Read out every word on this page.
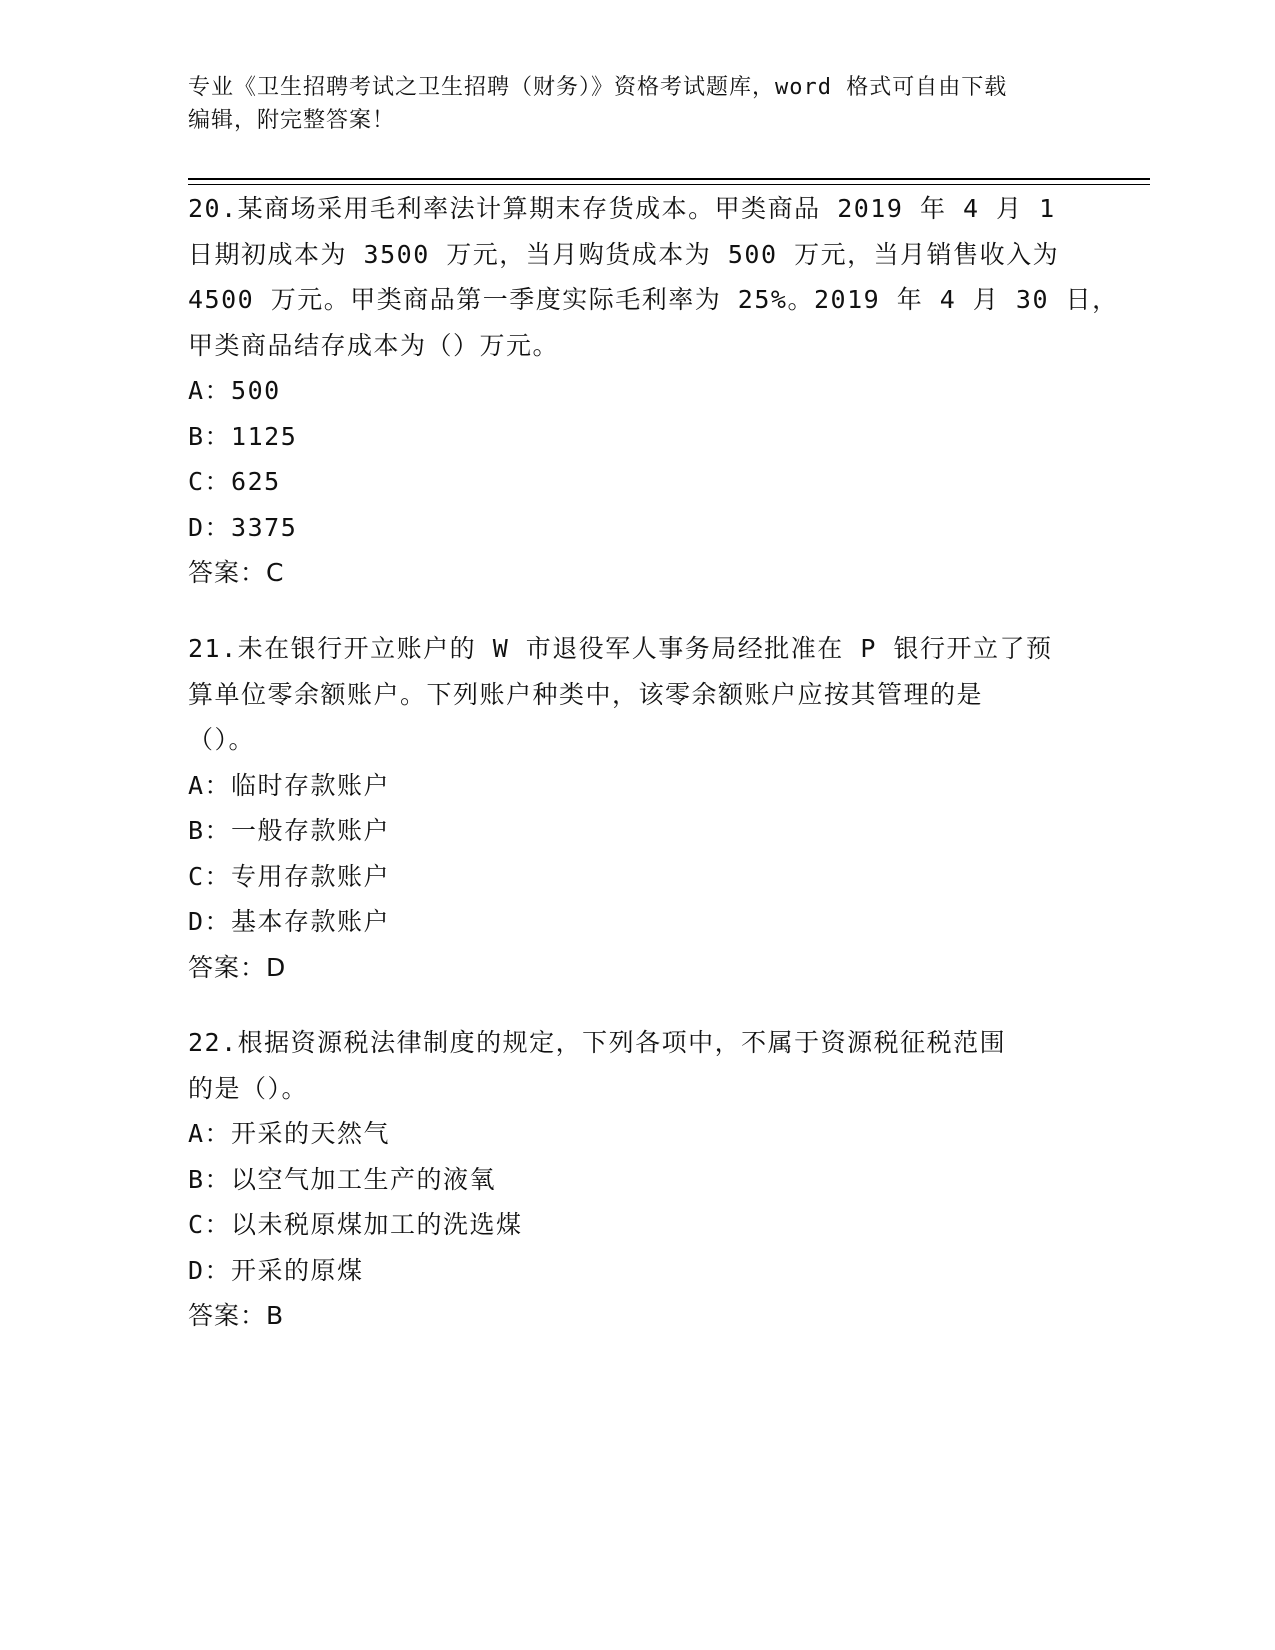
专业《卫生招聘考试之卫生招聘（财务）》资格考试题库，word 格式可自由下载
编辑，附完整答案！
20.某商场采用毛利率法计算期末存货成本。甲类商品 2019 年 4 月 1
日期初成本为 3500 万元，当月购货成本为 500 万元，当月销售收入为
4500 万元。甲类商品第一季度实际毛利率为 25%。2019 年 4 月 30 日，
甲类商品结存成本为（）万元。
A：500
B：1125
C：625
D：3375
答案：C
21.未在银行开立账户的 W 市退役军人事务局经批准在 P 银行开立了预
算单位零余额账户。下列账户种类中，该零余额账户应按其管理的是
（）。
A：临时存款账户
B：一般存款账户
C：专用存款账户
D：基本存款账户
答案：D
22.根据资源税法律制度的规定，下列各项中，不属于资源税征税范围
的是（）。
A：开采的天然气
B：以空气加工生产的液氧
C：以未税原煤加工的洗选煤
D：开采的原煤
答案：B
